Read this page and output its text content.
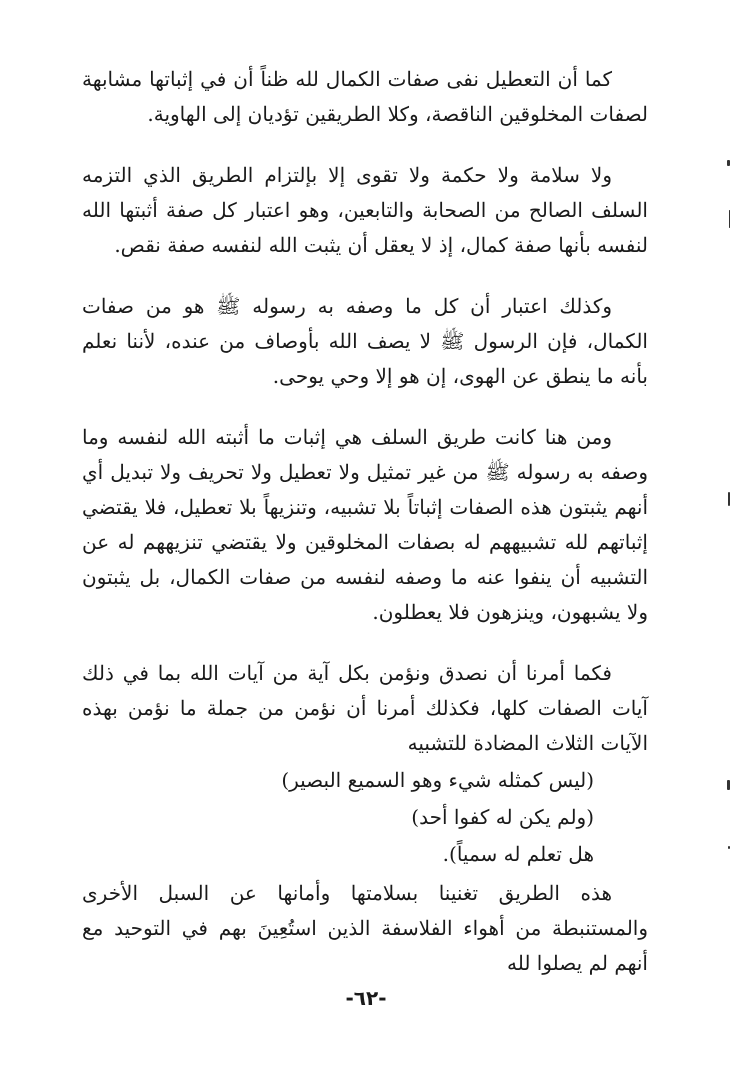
كما أن التعطيل نفى صفات الكمال لله ظناً أن في إثباتها مشابهة لصفات المخلوقين الناقصة، وكلا الطريقين تؤديان إلى الهاوية.

ولا سلامة ولا حكمة ولا تقوى إلا بإلتزام الطريق الذي التزمه السلف الصالح من الصحابة والتابعين، وهو اعتبار كل صفة أثبتها الله لنفسه بأنها صفة كمال، إذ لا يعقل أن يثبت الله لنفسه صفة نقص.

وكذلك اعتبار أن كل ما وصفه به رسوله ﷺ هو من صفات الكمال، فإن الرسول ﷺ لا يصف الله بأوصاف من عنده، لأننا نعلم بأنه ما ينطق عن الهوى، إن هو إلا وحي يوحى.

ومن هنا كانت طريق السلف هي إثبات ما أثبته الله لنفسه وما وصفه به رسوله ﷺ من غير تمثيل ولا تعطيل ولا تحريف ولا تبديل أي أنهم يثبتون هذه الصفات إثباتاً بلا تشبيه، وتنزيهاً بلا تعطيل، فلا يقتضي إثباتهم لله تشبيههم له بصفات المخلوقين ولا يقتضي تنزيههم له عن التشبيه أن ينفوا عنه ما وصفه لنفسه من صفات الكمال، بل يثبتون ولا يشبهون، وينزهون فلا يعطلون.

فكما أمرنا أن نصدق ونؤمن بكل آية من آيات الله بما في ذلك آيات الصفات كلها، فكذلك أمرنا أن نؤمن من جملة ما نؤمن بهذه الآيات الثلاث المضادة للتشبيه

(ليس كمثله شيء وهو السميع البصير)
(ولم يكن له كفوا أحد)
هل تعلم له سمياً).

هذه الطريق تغنينا بسلامتها وأمانها عن السبل الأخرى والمستنبطة من أهواء الفلاسفة الذين استُعِينَ بهم في التوحيد مع أنهم لم يصلوا لله

-٦٢-
